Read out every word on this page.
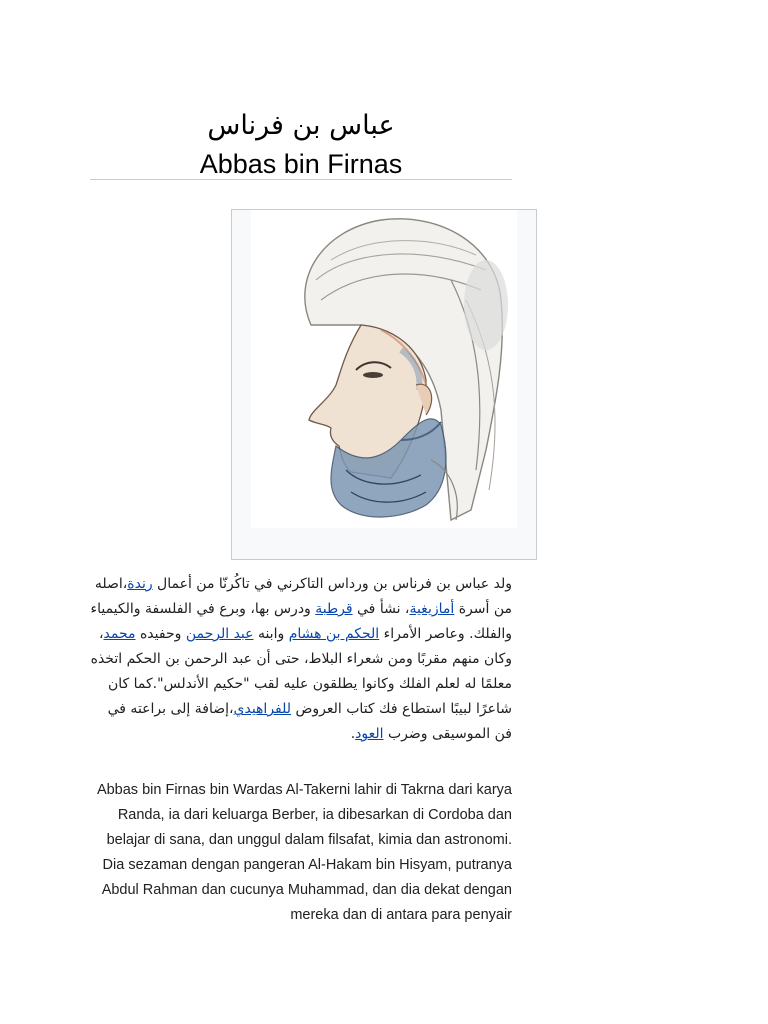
عباس بن فرناس
Abbas bin Firnas
ولد عباس بن فرناس بن ورداس التاكرني في تاكُرنّا من أعمال رندة،اصله من أسرة أمازيغية، نشأ في قرطبة ودرس بها، وبرع في الفلسفة والكيمياء والفلك. وعاصر الأمراء الحكم بن هشام وابنه عبد الرحمن وحفيده محمد، وكان منهم مقربًا ومن شعراء البلاط، حتى أن عبد الرحمن بن الحكم اتخذه معلمًا له لعلم الفلك وكانوا يطلقون عليه لقب "حكيم الأندلس".كما كان شاعرًا لبيبًا استطاع فك كتاب العروض للفراهيدي،إضافة إلى براعته في فن الموسيقى وضرب العود.
Abbas bin Firnas bin Wardas Al-Takerni lahir di Takrna dari karya Randa, ia dari keluarga Berber, ia dibesarkan di Cordoba dan belajar di sana, dan unggul dalam filsafat, kimia dan astronomi. Dia sezaman dengan pangeran Al-Hakam bin Hisyam, putranya Abdul Rahman dan cucunya Muhammad, dan dia dekat dengan mereka dan di antara para penyair
